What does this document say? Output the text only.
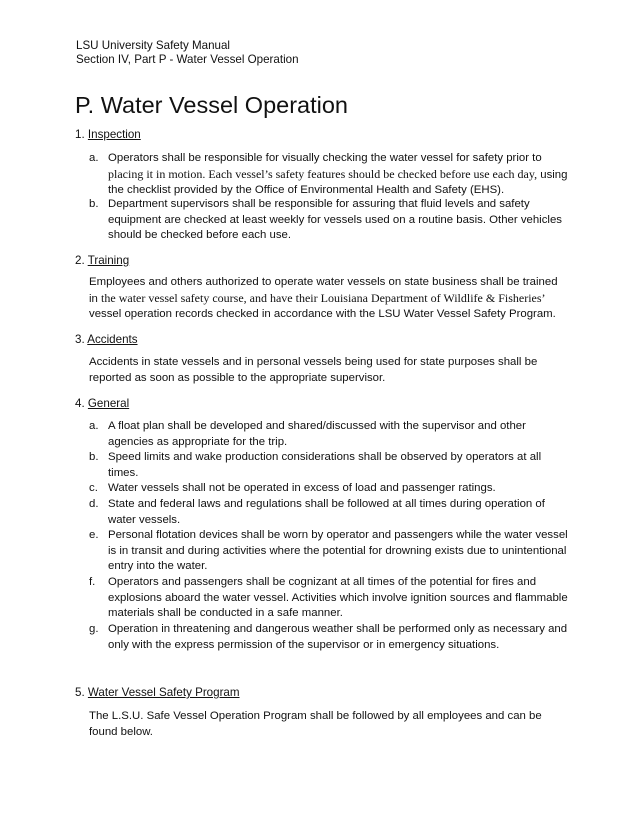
LSU University Safety Manual
Section IV, Part P - Water Vessel Operation
P. Water Vessel Operation
1. Inspection
a. Operators shall be responsible for visually checking the water vessel for safety prior to placing it in motion. Each vessel’s safety features should be checked before use each day, using the checklist provided by the Office of Environmental Health and Safety (EHS).
b. Department supervisors shall be responsible for assuring that fluid levels and safety equipment are checked at least weekly for vessels used on a routine basis. Other vehicles should be checked before each use.
2. Training
Employees and others authorized to operate water vessels on state business shall be trained in the water vessel safety course, and have their Louisiana Department of Wildlife & Fisheries’ vessel operation records checked in accordance with the LSU Water Vessel Safety Program.
3. Accidents
Accidents in state vessels and in personal vessels being used for state purposes shall be reported as soon as possible to the appropriate supervisor.
4. General
a. A float plan shall be developed and shared/discussed with the supervisor and other agencies as appropriate for the trip.
b. Speed limits and wake production considerations shall be observed by operators at all times.
c. Water vessels shall not be operated in excess of load and passenger ratings.
d. State and federal laws and regulations shall be followed at all times during operation of water vessels.
e. Personal flotation devices shall be worn by operator and passengers while the water vessel is in transit and during activities where the potential for drowning exists due to unintentional entry into the water.
f. Operators and passengers shall be cognizant at all times of the potential for fires and explosions aboard the water vessel. Activities which involve ignition sources and flammable materials shall be conducted in a safe manner.
g. Operation in threatening and dangerous weather shall be performed only as necessary and only with the express permission of the supervisor or in emergency situations.
5. Water Vessel Safety Program
The L.S.U. Safe Vessel Operation Program shall be followed by all employees and can be found below.
